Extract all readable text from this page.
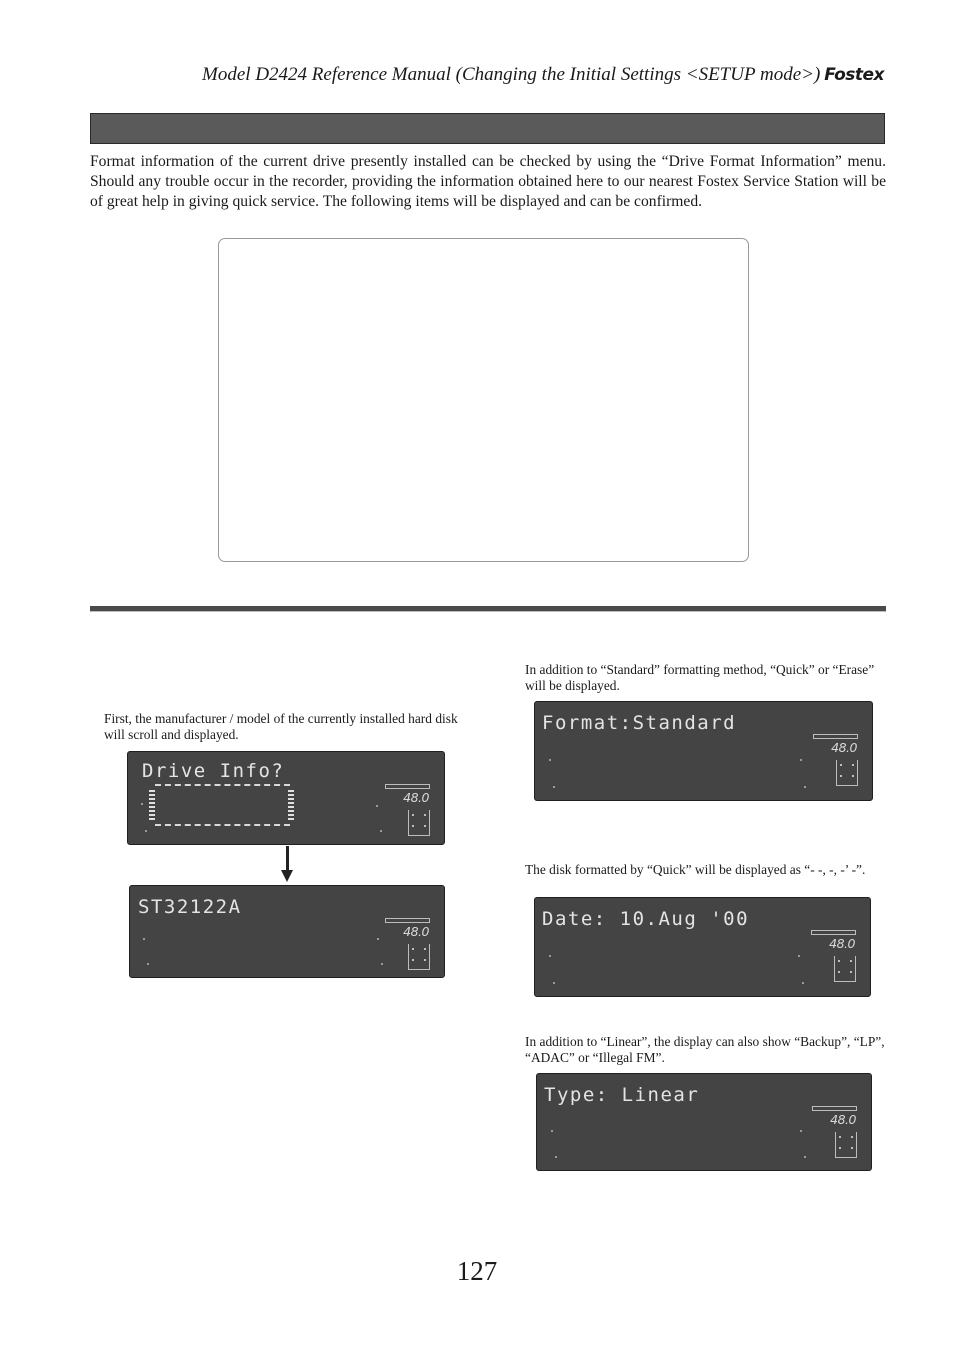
Model D2424 Reference Manual (Changing the Initial Settings <SETUP mode>) Fostex
Format information of the current drive presently installed can be checked by using the “Drive Format Information” menu. Should any trouble occur in the recorder, providing the information obtained here to our nearest Fostex Service Station will be of great help in giving quick service. The following items will be displayed and can be confirmed.
First, the manufacturer / model of the currently installed hard disk will scroll and displayed.
Drive Info?
48.0
ST32122A
48.0
In addition to “Standard” formatting method, “Quick” or “Erase” will be displayed.
Format:Standard
48.0
The disk formatted by “Quick” will be displayed as “- -, -, -’ -”.
Date: 10.Aug '00
48.0
In addition to “Linear”, the display can also show “Backup”, “LP”, “ADAC” or “Illegal FM”.
Type: Linear
48.0
127
